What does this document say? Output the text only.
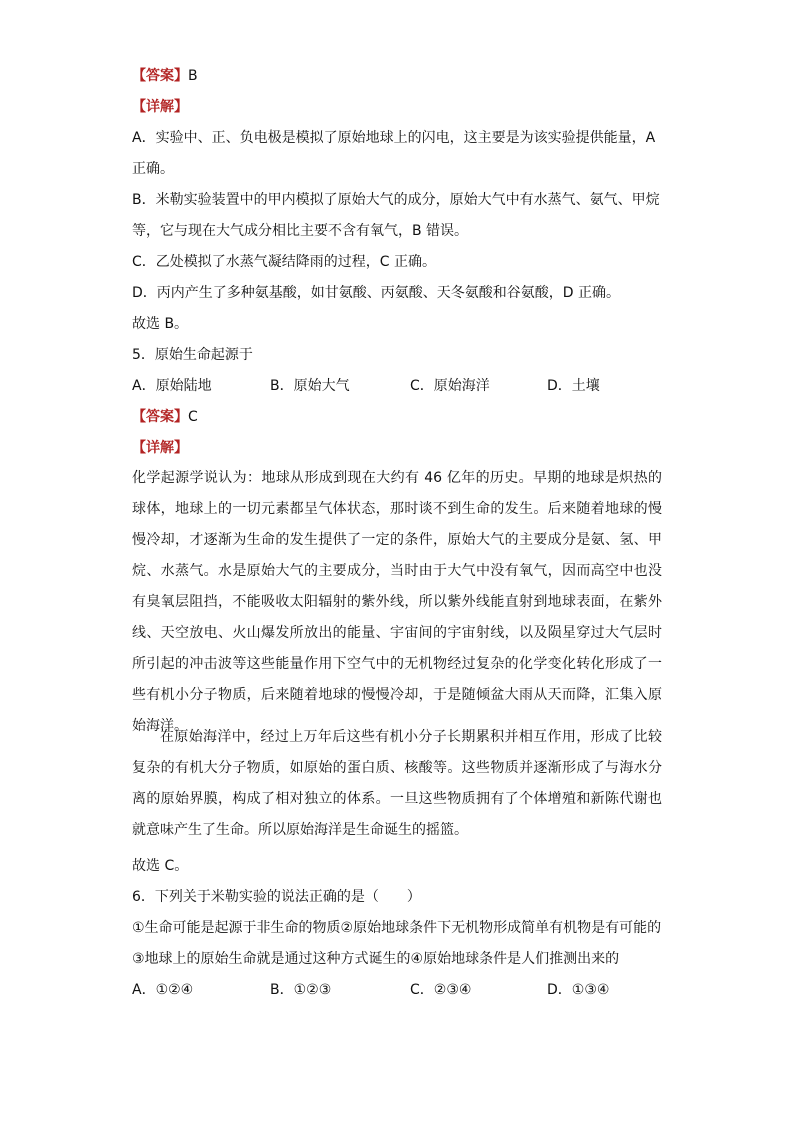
【答案】B
【详解】
A．实验中、正、负电极是模拟了原始地球上的闪电，这主要是为该实验提供能量，A
正确。
B．米勒实验装置中的甲内模拟了原始大气的成分，原始大气中有水蒸气、氨气、甲烷
等，它与现在大气成分相比主要不含有氧气，B 错误。
C．乙处模拟了水蒸气凝结降雨的过程，C 正确。
D．丙内产生了多种氨基酸，如甘氨酸、丙氨酸、天冬氨酸和谷氨酸，D 正确。
故选 B。
5．原始生命起源于
A．原始陆地	B．原始大气	C．原始海洋	D．土壤
【答案】C
【详解】
化学起源学说认为：地球从形成到现在大约有 46 亿年的历史。早期的地球是炽热的球体，地球上的一切元素都呈气体状态，那时谈不到生命的发生。后来随着地球的慢慢冷却，才逐渐为生命的发生提供了一定的条件，原始大气的主要成分是氨、氢、甲烷、水蒸气。水是原始大气的主要成分，当时由于大气中没有氧气，因而高空中也没有臭氧层阻挡，不能吸收太阳辐射的紫外线，所以紫外线能直射到地球表面，在紫外线、天空放电、火山爆发所放出的能量、宇宙间的宇宙射线，以及陨星穿过大气层时所引起的冲击波等这些能量作用下空气中的无机物经过复杂的化学变化转化形成了一些有机小分子物质，后来随着地球的慢慢冷却，于是随倾盆大雨从天而降，汇集入原始海洋。
在原始海洋中，经过上万年后这些有机小分子长期累积并相互作用，形成了比较复杂的有机大分子物质，如原始的蛋白质、核酸等。这些物质并逐渐形成了与海水分离的原始界膜，构成了相对独立的体系。一旦这些物质拥有了个体增殖和新陈代谢也就意味产生了生命。所以原始海洋是生命诞生的摇篮。
故选 C。
6．下列关于米勒实验的说法正确的是（　　）
①生命可能是起源于非生命的物质②原始地球条件下无机物形成简单有机物是有可能的
③地球上的原始生命就是通过这种方式诞生的④原始地球条件是人们推测出来的
A．①②④	B．①②③	C．②③④	D．①③④
